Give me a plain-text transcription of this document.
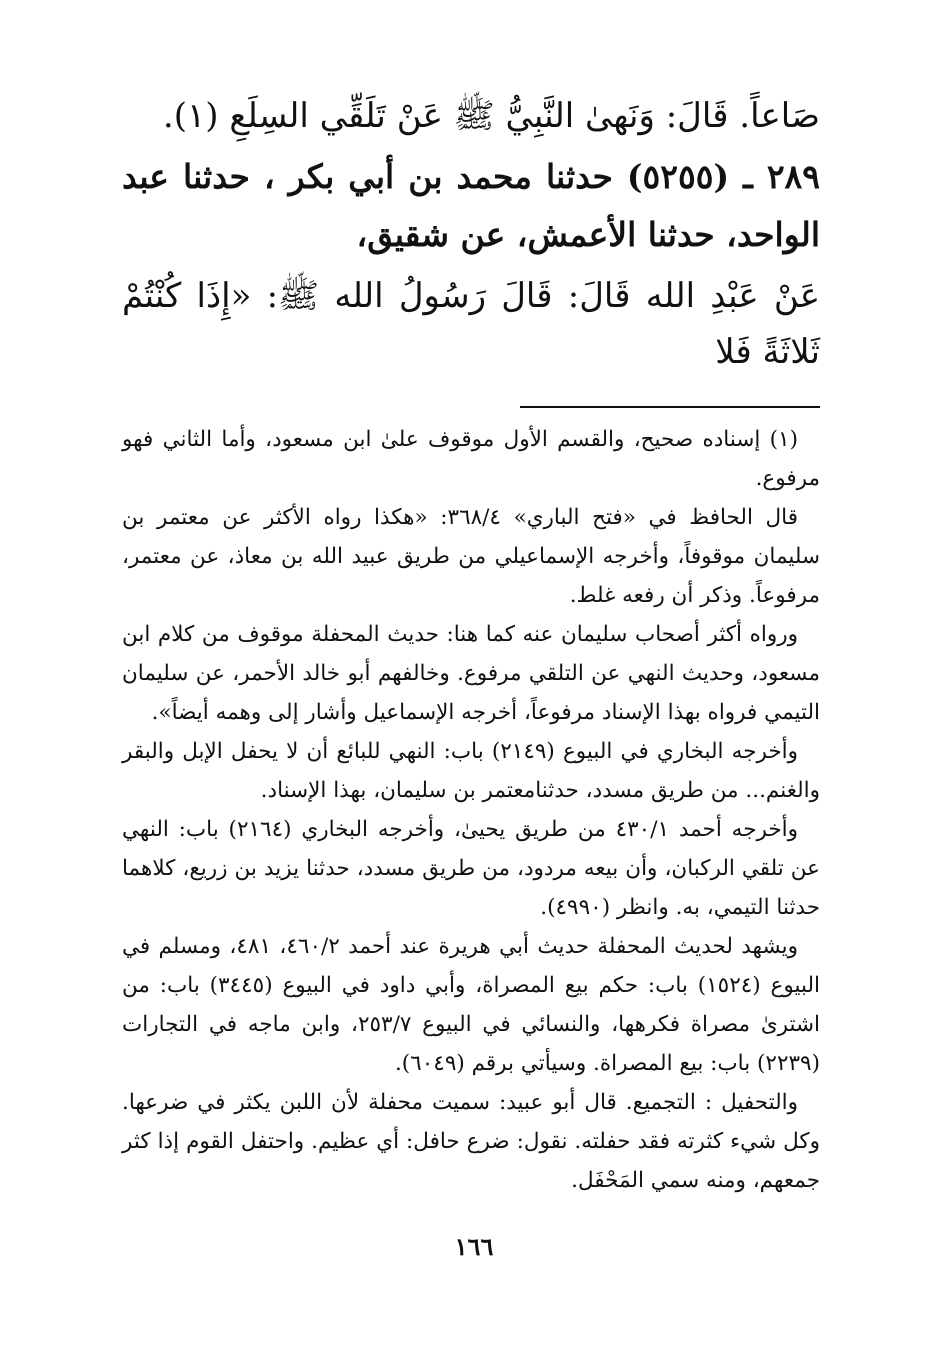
صَاعاً. قَالَ: وَنَهىٰ النَّبِيُّ ﷺ عَنْ تَلَقِّي السِلَعِ (١).

٢٨٩ ـ (٥٢٥٥) حدثنا محمد بن أبي بكر ، حدثنا عبد الواحد، حدثنا الأعمش، عن شقيق،

عَنْ عَبْدِ الله قَالَ: قَالَ رَسُولُ الله ﷺ: «إِذَا كُنْتُمْ ثَلاثَةً فَلا

(١) إسناده صحيح، والقسم الأول موقوف علىٰ ابن مسعود، وأما الثاني فهو مرفوع.

قال الحافظ في «فتح الباري» ٣٦٨/٤: «هكذا رواه الأكثر عن معتمر بن سليمان موقوفاً، وأخرجه الإسماعيلي من طريق عبيد الله بن معاذ، عن معتمر، مرفوعاً. وذكر أن رفعه غلط.

ورواه أكثر أصحاب سليمان عنه كما هنا: حديث المحفلة موقوف من كلام ابن مسعود، وحديث النهي عن التلقي مرفوع. وخالفهم أبو خالد الأحمر، عن سليمان التيمي فرواه بهذا الإسناد مرفوعاً، أخرجه الإسماعيل وأشار إلى وهمه أيضاً».

وأخرجه البخاري في البيوع (٢١٤٩) باب: النهي للبائع أن لا يحفل الإبل والبقر والغنم... من طريق مسدد، حدثنامعتمر بن سليمان، بهذا الإسناد.

وأخرجه أحمد ٤٣٠/١ من طريق يحيىٰ، وأخرجه البخاري (٢١٦٤) باب: النهي عن تلقي الركبان، وأن بيعه مردود، من طريق مسدد، حدثنا يزيد بن زريع، كلاهما حدثنا التيمي، به. وانظر (٤٩٩٠).

ويشهد لحديث المحفلة حديث أبي هريرة عند أحمد ٤٦٠/٢، ٤٨١، ومسلم في البيوع (١٥٢٤) باب: حكم بيع المصراة، وأبي داود في البيوع (٣٤٤٥) باب: من اشترىٰ مصراة فكرهها، والنسائي في البيوع ٢٥٣/٧، وابن ماجه في التجارات (٢٢٣٩) باب: بيع المصراة. وسيأتي برقم (٦٠٤٩).

والتحفيل : التجميع. قال أبو عبيد: سميت محفلة لأن اللبن يكثر في ضرعها. وكل شيء كثرته فقد حفلته. نقول: ضرع حافل: أي عظيم. واحتفل القوم إذا كثر جمعهم، ومنه سمي المَحْفَل.

١٦٦
